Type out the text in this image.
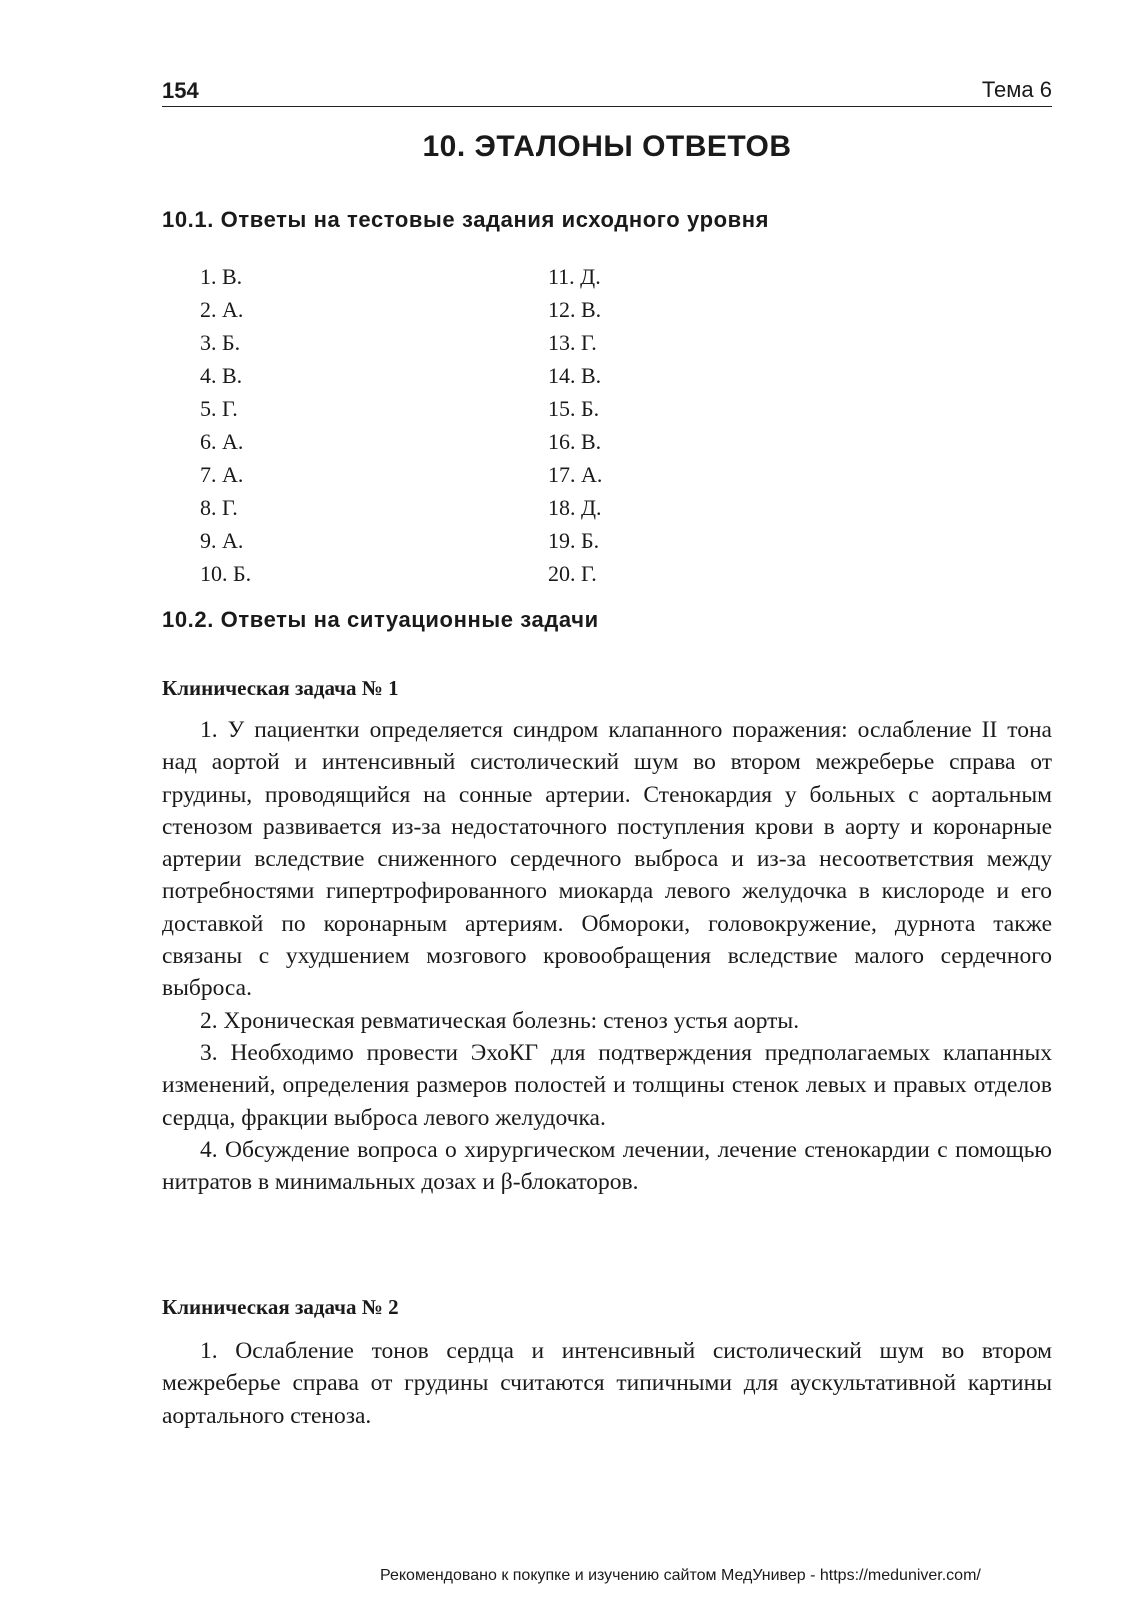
154	Тема 6
10. ЭТАЛОНЫ ОТВЕТОВ
10.1. Ответы на тестовые задания исходного уровня
1. В.
2. А.
3. Б.
4. В.
5. Г.
6. А.
7. А.
8. Г.
9. А.
10. Б.
11. Д.
12. В.
13. Г.
14. В.
15. Б.
16. В.
17. А.
18. Д.
19. Б.
20. Г.
10.2. Ответы на ситуационные задачи
Клиническая задача № 1

1. У пациентки определяется синдром клапанного поражения: ослабление II тона над аортой и интенсивный систолический шум во втором межреберье справа от грудины, проводящийся на сонные артерии. Стенокардия у больных с аортальным стенозом развивается из-за недостаточного поступления крови в аорту и коронарные артерии вследствие сниженного сердечного выброса и из-за несоответствия между потребностями гипертрофированного миокарда левого желудочка в кислороде и его доставкой по коронарным артериям. Обмороки, головокружение, дурнота также связаны с ухудшением мозгового кровообращения вследствие малого сердечного выброса.

2. Хроническая ревматическая болезнь: стеноз устья аорты.

3. Необходимо провести ЭхоКГ для подтверждения предполагаемых клапанных изменений, определения размеров полостей и толщины стенок левых и правых отделов сердца, фракции выброса левого желудочка.

4. Обсуждение вопроса о хирургическом лечении, лечение стенокардии с помощью нитратов в минимальных дозах и β-блокаторов.

Клиническая задача № 2

1. Ослабление тонов сердца и интенсивный систолический шум во втором межреберье справа от грудины считаются типичными для аускультативной картины аортального стеноза.

Рекомендовано к покупке и изучению сайтом МедУнивер - https://meduniver.com/
